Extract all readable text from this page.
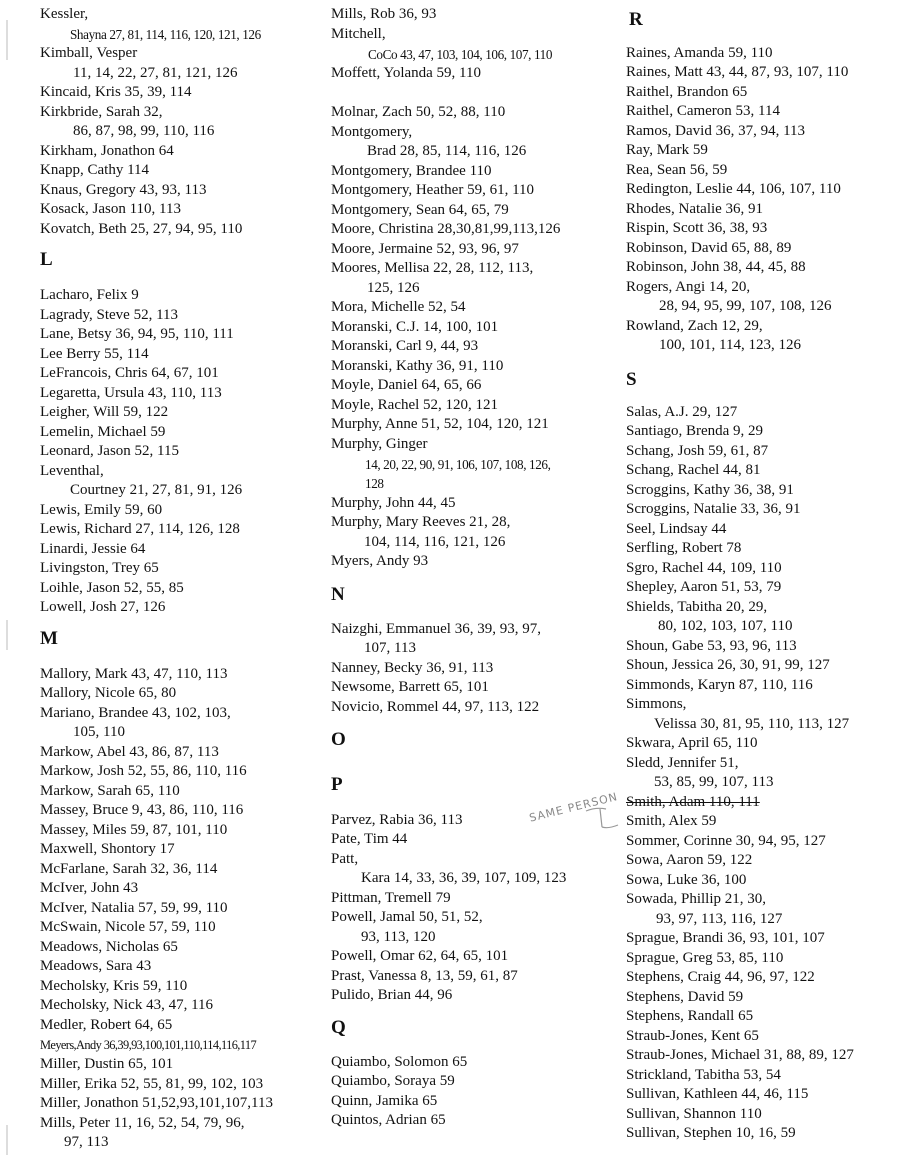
Kessler,
Shayna 27, 81, 114, 116, 120, 121, 126
Kimball, Vesper
11, 14, 22, 27, 81, 121, 126
Kincaid, Kris 35, 39, 114
Kirkbride, Sarah 32,
86, 87, 98, 99, 110, 116
Kirkham, Jonathon 64
Knapp, Cathy 114
Knaus, Gregory 43, 93, 113
Kosack, Jason 110, 113
Kovatch, Beth 25, 27, 94, 95, 110
L
Lacharo, Felix 9
Lagrady, Steve 52, 113
Lane, Betsy 36, 94, 95, 110, 111
Lee Berry 55, 114
LeFrancois, Chris 64, 67, 101
Legaretta, Ursula 43, 110, 113
Leigher, Will 59, 122
Lemelin, Michael 59
Leonard, Jason 52, 115
Leventhal,
Courtney 21, 27, 81, 91, 126
Lewis, Emily 59, 60
Lewis, Richard 27, 114, 126, 128
Linardi, Jessie 64
Livingston, Trey 65
Loihle, Jason 52, 55, 85
Lowell, Josh 27, 126
M
Mallory, Mark 43, 47, 110, 113
Mallory, Nicole 65, 80
Mariano, Brandee 43, 102, 103,
105, 110
Markow, Abel 43, 86, 87, 113
Markow, Josh 52, 55, 86, 110, 116
Markow, Sarah 65, 110
Massey, Bruce 9, 43, 86, 110, 116
Massey, Miles 59, 87, 101, 110
Maxwell, Shontory 17
McFarlane, Sarah 32, 36, 114
McIver, John 43
McIver, Natalia 57, 59, 99, 110
McSwain, Nicole 57, 59, 110
Meadows, Nicholas 65
Meadows, Sara 43
Mecholsky, Kris 59, 110
Mecholsky, Nick 43, 47, 116
Medler, Robert 64, 65
Meyers,Andy 36,39,93,100,101,110,114,116,117
Miller, Dustin 65, 101
Miller, Erika 52, 55, 81, 99, 102, 103
Miller, Jonathon 51,52,93,101,107,113
Mills, Peter 11, 16, 52, 54, 79, 96,
97, 113
Mills, Rob 36, 93
Mitchell,
CoCo 43, 47, 103, 104, 106, 107, 110
Moffett, Yolanda 59, 110
Molnar, Zach 50, 52, 88, 110
Montgomery,
Brad 28, 85, 114, 116, 126
Montgomery, Brandee 110
Montgomery, Heather 59, 61, 110
Montgomery, Sean 64, 65, 79
Moore, Christina 28,30,81,99,113,126
Moore, Jermaine 52, 93, 96, 97
Moores, Mellisa 22, 28, 112, 113,
125, 126
Mora, Michelle 52, 54
Moranski, C.J. 14, 100, 101
Moranski, Carl 9, 44, 93
Moranski, Kathy 36, 91, 110
Moyle, Daniel 64, 65, 66
Moyle, Rachel 52, 120, 121
Murphy, Anne 51, 52, 104, 120, 121
Murphy, Ginger
14, 20, 22, 90, 91, 106, 107, 108, 126,
128
Murphy, John 44, 45
Murphy, Mary Reeves 21, 28,
104, 114, 116, 121, 126
Myers, Andy 93
N
Naizghi, Emmanuel 36, 39, 93, 97,
107, 113
Nanney, Becky 36, 91, 113
Newsome, Barrett 65, 101
Novicio, Rommel 44, 97, 113, 122
O
P
Parvez, Rabia 36, 113
Pate, Tim 44
Patt,
Kara 14, 33, 36, 39, 107, 109, 123
Pittman, Tremell 79
Powell, Jamal 50, 51, 52,
93, 113, 120
Powell, Omar 62, 64, 65, 101
Prast, Vanessa 8, 13, 59, 61, 87
Pulido, Brian 44, 96
Q
Quiambo, Solomon 65
Quiambo, Soraya 59
Quinn, Jamika 65
Quintos, Adrian 65
R
Raines, Amanda 59, 110
Raines, Matt 43, 44, 87, 93, 107, 110
Raithel, Brandon 65
Raithel, Cameron 53, 114
Ramos, David 36, 37, 94, 113
Ray, Mark 59
Rea, Sean 56, 59
Redington, Leslie 44, 106, 107, 110
Rhodes, Natalie 36, 91
Rispin, Scott 36, 38, 93
Robinson, David 65, 88, 89
Robinson, John 38, 44, 45, 88
Rogers, Angi 14, 20,
28, 94, 95, 99, 107, 108, 126
Rowland, Zach 12, 29,
100, 101, 114, 123, 126
S
Salas, A.J. 29, 127
Santiago, Brenda 9, 29
Schang, Josh 59, 61, 87
Schang, Rachel 44, 81
Scroggins, Kathy 36, 38, 91
Scroggins, Natalie 33, 36, 91
Seel, Lindsay 44
Serfling, Robert 78
Sgro, Rachel 44, 109, 110
Shepley, Aaron 51, 53, 79
Shields, Tabitha 20, 29,
80, 102, 103, 107, 110
Shoun, Gabe 53, 93, 96, 113
Shoun, Jessica 26, 30, 91, 99, 127
Simmonds, Karyn 87, 110, 116
Simmons,
Velissa 30, 81, 95, 110, 113, 127
Skwara, April 65, 110
Sledd, Jennifer 51,
53, 85, 99, 107, 113
Smith, Adam 110, 111
Smith, Alex 59
Sommer, Corinne 30, 94, 95, 127
Sowa, Aaron 59, 122
Sowa, Luke 36, 100
Sowada, Phillip 21, 30,
93, 97, 113, 116, 127
Sprague, Brandi 36, 93, 101, 107
Sprague, Greg 53, 85, 110
Stephens, Craig 44, 96, 97, 122
Stephens, David 59
Stephens, Randall 65
Straub-Jones, Kent 65
Straub-Jones, Michael 31, 88, 89, 127
Strickland, Tabitha 53, 54
Sullivan, Kathleen 44, 46, 115
Sullivan, Shannon 110
Sullivan, Stephen 10, 16, 59
SAME PERSON
